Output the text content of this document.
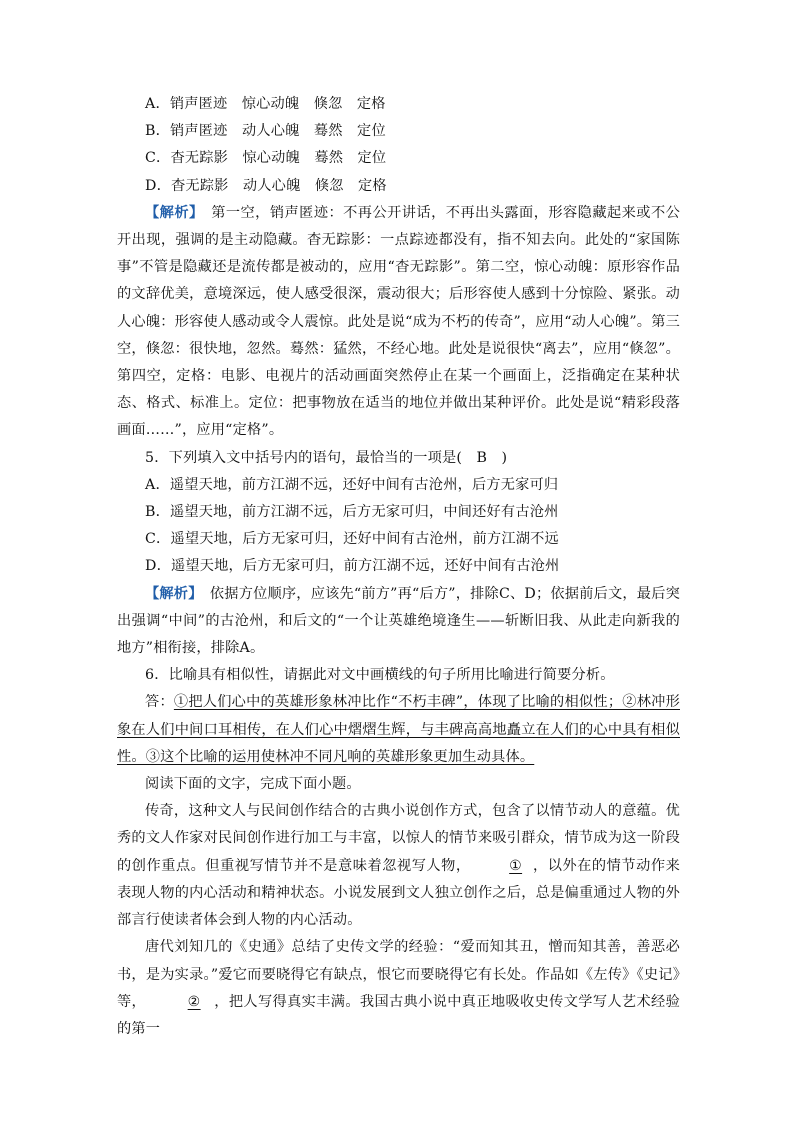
A．销声匿迹　惊心动魄　倏忽　定格

B．销声匿迹　动人心魄　蓦然　定位

C．杳无踪影　惊心动魄　蓦然　定位

D．杳无踪影　动人心魄　倏忽　定格

【解析】　第一空，销声匿迹：不再公开讲话，不再出头露面，形容隐藏起来或不公开出现，强调的是主动隐藏。杳无踪影：一点踪迹都没有，指不知去向。此处的“家国陈事”不管是隐藏还是流传都是被动的，应用“杳无踪影”。第二空，惊心动魄：原形容作品的文辞优美，意境深远，使人感受很深，震动很大；后形容使人感到十分惊险、紧张。动人心魄：形容使人感动或令人震惊。此处是说“成为不朽的传奇”，应用“动人心魄”。第三空，倏忽：很快地，忽然。蓦然：猛然，不经心地。此处是说很快“离去”，应用“倏忽”。第四空，定格：电影、电视片的活动画面突然停止在某一个画面上，泛指确定在某种状态、格式、标准上。定位：把事物放在适当的地位并做出某种评价。此处是说“精彩段落画面……”，应用“定格”。

5．下列填入文中括号内的语句，最恰当的一项是(　B　)

A．遥望天地，前方江湖不远，还好中间有古沧州，后方无家可归

B．遥望天地，前方江湖不远，后方无家可归，中间还好有古沧州

C．遥望天地，后方无家可归，还好中间有古沧州，前方江湖不远

D．遥望天地，后方无家可归，前方江湖不远，还好中间有古沧州

【解析】　依据方位顺序，应该先“前方”再“后方”，排除C、D；依据前后文，最后突出强调“中间”的古沧州，和后文的“一个让英雄绝境逢生——斩断旧我、从此走向新我的地方”相衔接，排除A。

6．比喻具有相似性，请据此对文中画横线的句子所用比喻进行简要分析。

答：①把人们心中的英雄形象林冲比作“不朽丰碑”，体现了比喻的相似性；②林冲形象在人们中间口耳相传，在人们心中熠熠生辉，与丰碑高高地矗立在人们的心中具有相似性。③这个比喻的运用使林冲不同凡响的英雄形象更加生动具体。

阅读下面的文字，完成下面小题。

传奇，这种文人与民间创作结合的古典小说创作方式，包含了以情节动人的意蕴。优秀的文人作家对民间创作进行加工与丰富，以惊人的情节来吸引群众，情节成为这一阶段的创作重点。但重视写情节并不是意味着忽视写人物，	① ，以外在的情节动作来表现人物的内心活动和精神状态。小说发展到文人独立创作之后，总是偏重通过人物的外部言行使读者体会到人物的内心活动。

唐代刘知几的《史通》总结了史传文学的经验：“爱而知其丑，憎而知其善，善恶必书，是为实录。”爱它而要晓得它有缺点，恨它而要晓得它有长处。作品如《左传》《史记》等，	② ，把人写得真实丰满。我国古典小说中真正地吸收史传文学写人艺术经验的第一
